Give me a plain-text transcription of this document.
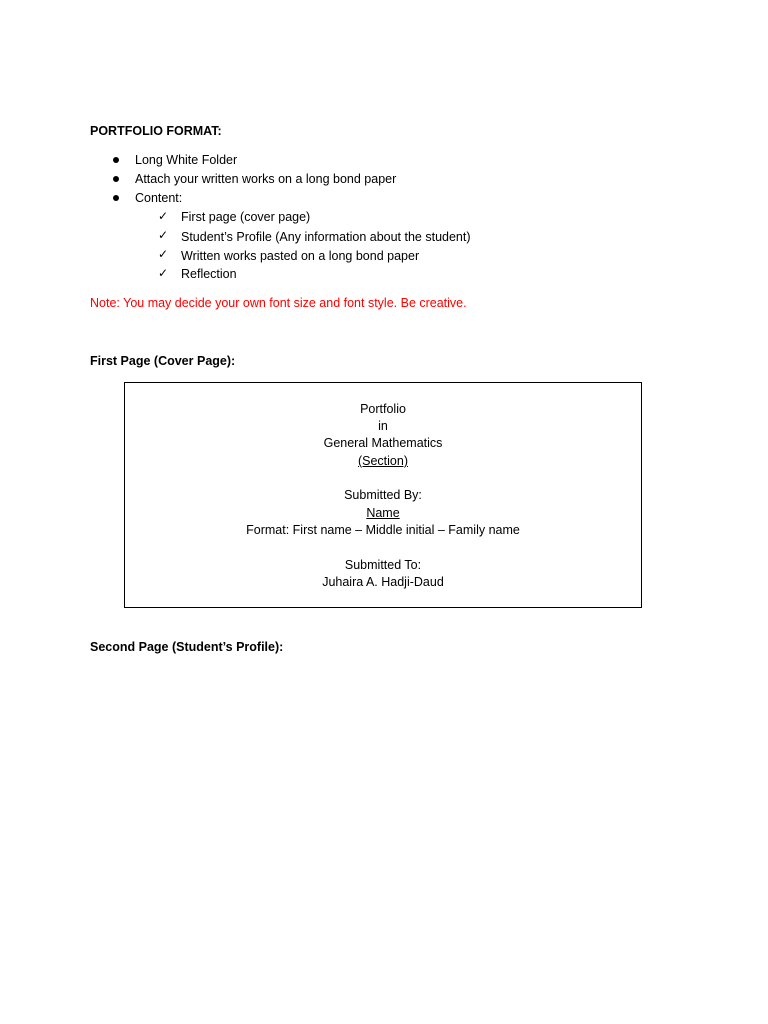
PORTFOLIO FORMAT:
Long White Folder
Attach your written works on a long bond paper
Content:
✓ First page (cover page)
✓ Student’s Profile (Any information about the student)
✓ Written works pasted on a long bond paper
✓ Reflection
Note: You may decide your own font size and font style. Be creative.
First Page (Cover Page):
Portfolio
in
General Mathematics
(Section)
Submitted By:
Name
Format: First name – Middle initial – Family name
Submitted To:
Juhaira A. Hadji-Daud
Second Page (Student’s Profile):
